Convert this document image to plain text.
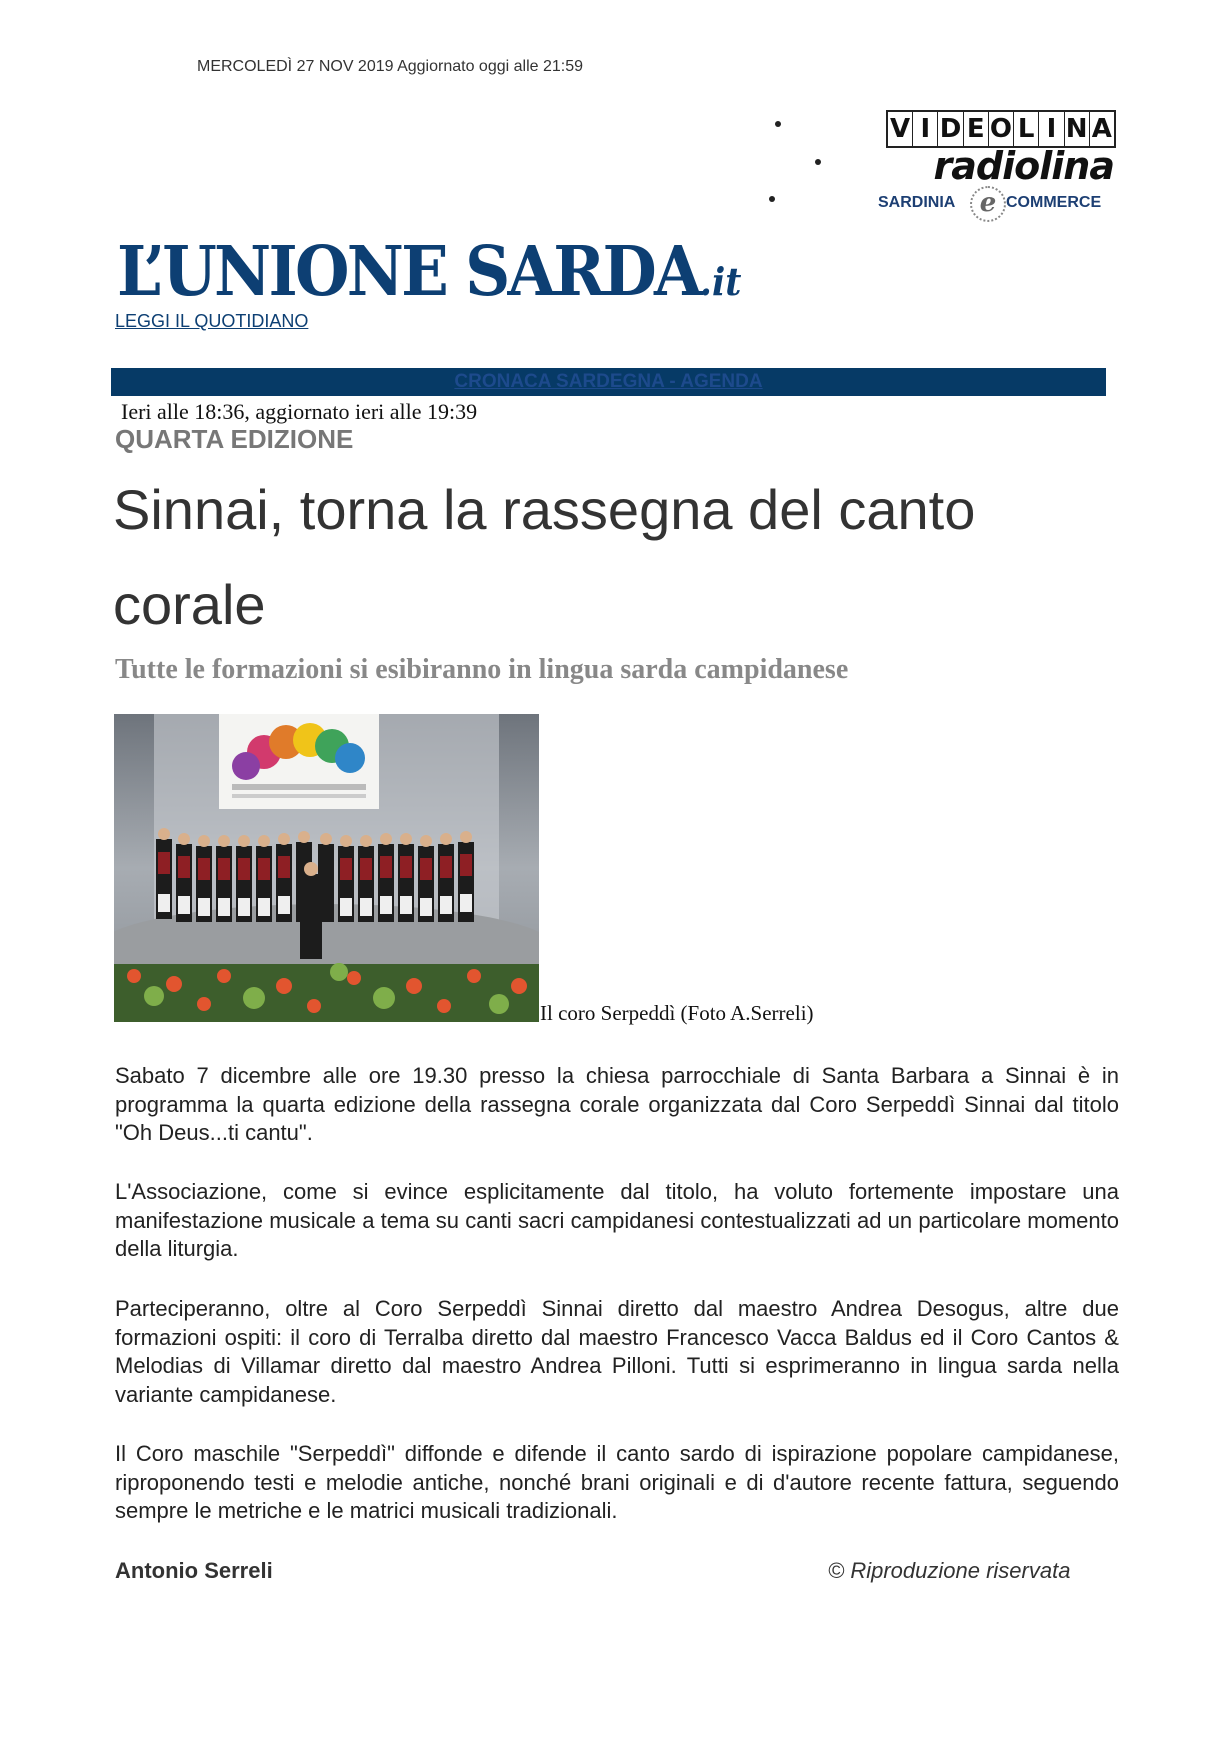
MERCOLEDÌ 27 NOV 2019 Aggiornato oggi alle 21:59
V I D E O L I N A
radiolina
SARDINIA e COMMERCE
L’UNIONE SARDA.it
LEGGI IL QUOTIDIANO
CRONACA SARDEGNA - AGENDA
Ieri alle 18:36, aggiornato ieri alle 19:39
QUARTA EDIZIONE
Sinnai, torna la rassegna del canto corale
Tutte le formazioni si esibiranno in lingua sarda campidanese
Il coro Serpeddì (Foto A.Serreli)

Sabato 7 dicembre alle ore 19.30 presso la chiesa parrocchiale di Santa Barbara a Sinnai è in programma la quarta edizione della rassegna corale organizzata dal Coro Serpeddì Sinnai dal titolo "Oh Deus...ti cantu".

L'Associazione, come si evince esplicitamente dal titolo, ha voluto fortemente impostare una manifestazione musicale a tema su canti sacri campidanesi contestualizzati ad un particolare momento della liturgia.

Parteciperanno, oltre al Coro Serpeddì Sinnai diretto dal maestro Andrea Desogus, altre due formazioni ospiti: il coro di Terralba diretto dal maestro Francesco Vacca Baldus ed il Coro Cantos & Melodias di Villamar diretto dal maestro Andrea Pilloni. Tutti si esprimeranno in lingua sarda nella variante campidanese.

Il Coro maschile "Serpeddì" diffonde e difende il canto sardo di ispirazione popolare campidanese, riproponendo testi e melodie antiche, nonché brani originali e di d'autore recente fattura, seguendo sempre le metriche e le matrici musicali tradizionali.

Antonio Serreli	© Riproduzione riservata
